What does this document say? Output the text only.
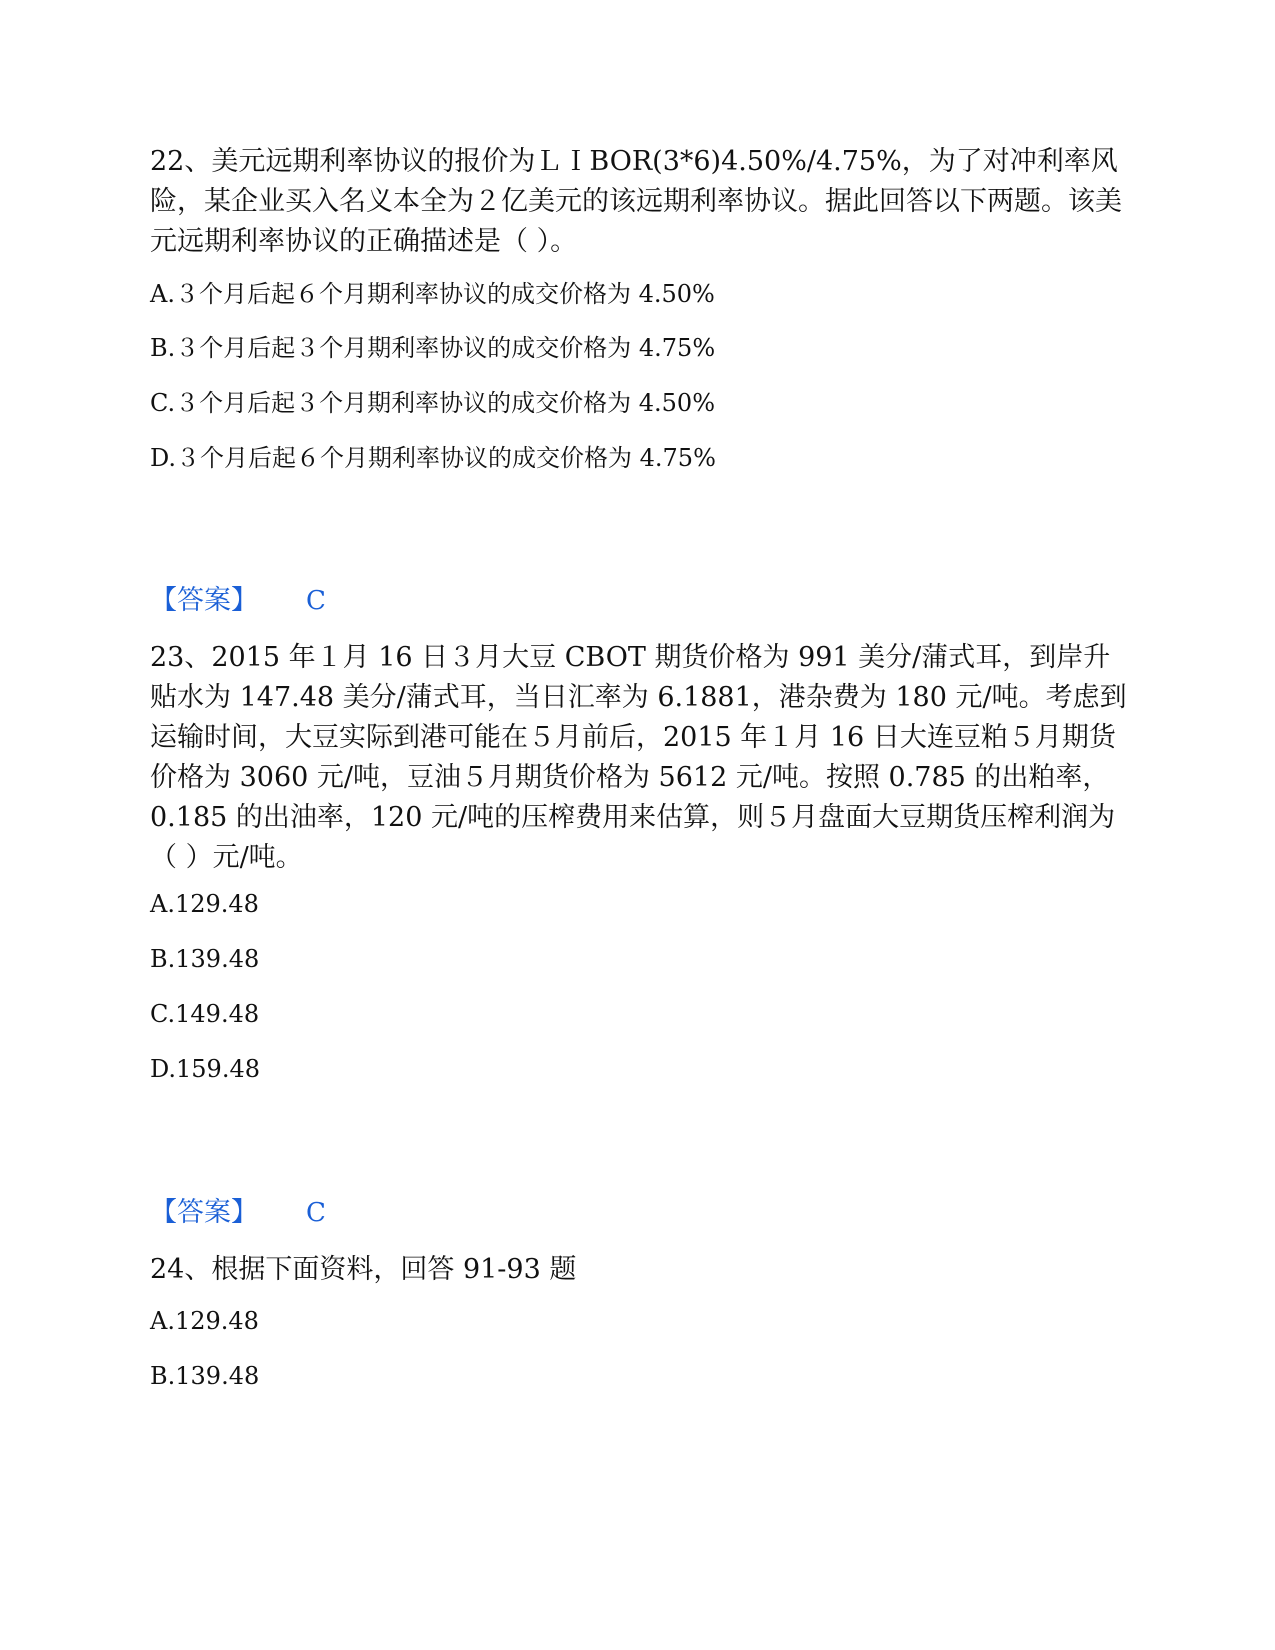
22、美元远期利率协议的报价为ＬＩBOR(3*6)4.50%/4.75%，为了对冲利率风险，某企业买入名义本全为２亿美元的该远期利率协议。据此回答以下两题。该美元远期利率协议的正确描述是（ ）。

A.３个月后起６个月期利率协议的成交价格为 4.50%

B.３个月后起３个月期利率协议的成交价格为 4.75%

C.３个月后起３个月期利率协议的成交价格为 4.50%

D.３个月后起６个月期利率协议的成交价格为 4.75%

【答案】 C

23、2015 年１月 16 日３月大豆 CBOT 期货价格为 991 美分/蒲式耳，到岸升贴水为 147.48 美分/蒲式耳，当日汇率为 6.1881，港杂费为 180 元/吨。考虑到运输时间，大豆实际到港可能在５月前后，2015 年１月 16 日大连豆粕５月期货价格为 3060 元/吨，豆油５月期货价格为 5612 元/吨。按照 0.785 的出粕率，0.185 的出油率，120 元/吨的压榨费用来估算，则５月盘面大豆期货压榨利润为（ ）元/吨。

A.129.48

B.139.48

C.149.48

D.159.48

【答案】 C

24、根据下面资料，回答 91-93 题

A.129.48

B.139.48
